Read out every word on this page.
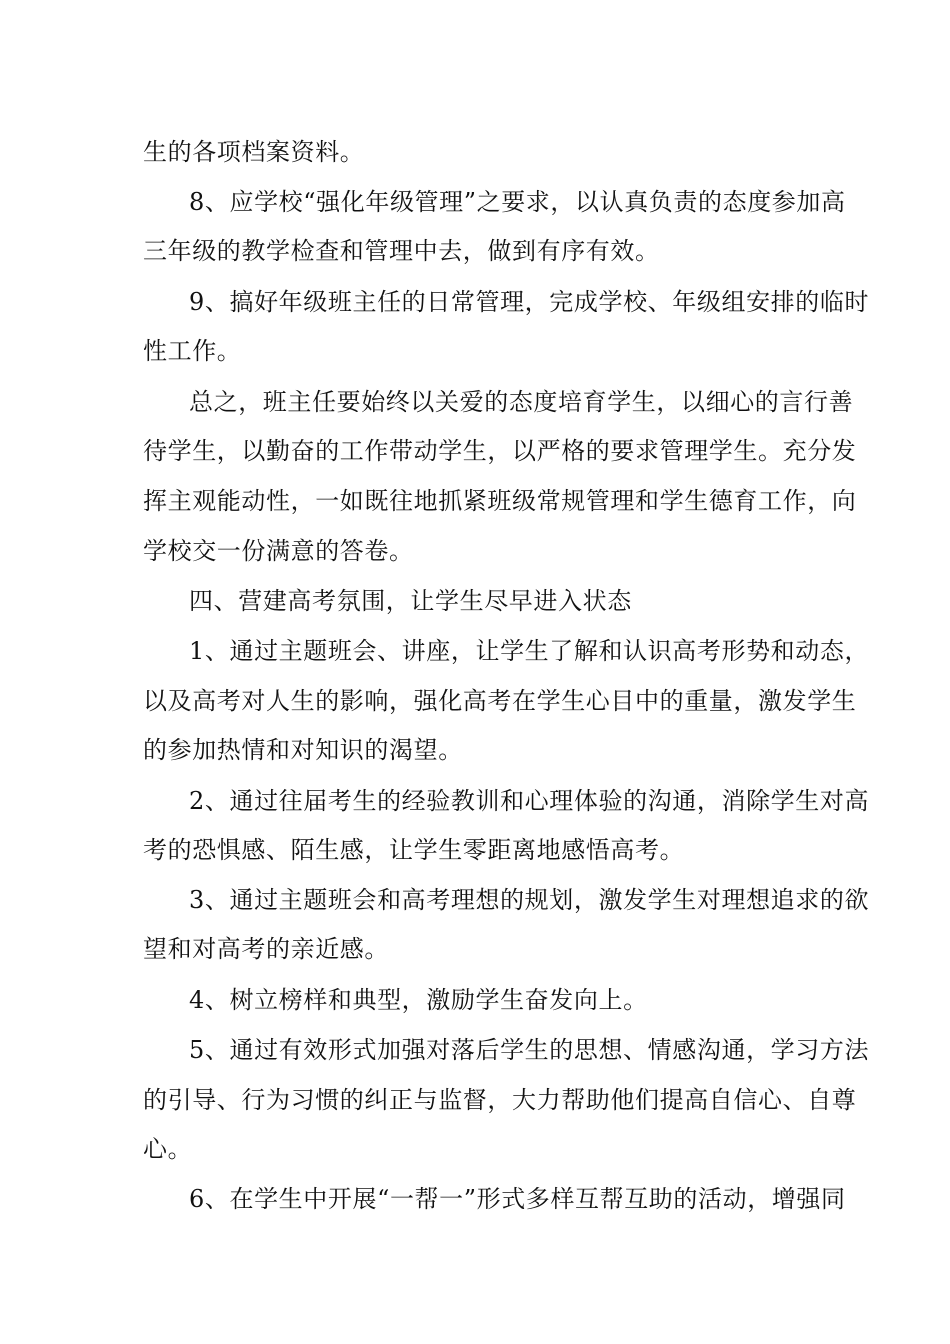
生的各项档案资料。
8、应学校“强化年级管理”之要求，以认真负责的态度参加高
三年级的教学检查和管理中去，做到有序有效。
9、搞好年级班主任的日常管理，完成学校、年级组安排的临时
性工作。
总之，班主任要始终以关爱的态度培育学生，以细心的言行善
待学生，以勤奋的工作带动学生，以严格的要求管理学生。充分发
挥主观能动性，一如既往地抓紧班级常规管理和学生德育工作，向
学校交一份满意的答卷。
四、营建高考氛围，让学生尽早进入状态
1、通过主题班会、讲座，让学生了解和认识高考形势和动态，
以及高考对人生的影响，强化高考在学生心目中的重量，激发学生
的参加热情和对知识的渴望。
2、通过往届考生的经验教训和心理体验的沟通，消除学生对高
考的恐惧感、陌生感，让学生零距离地感悟高考。
3、通过主题班会和高考理想的规划，激发学生对理想追求的欲
望和对高考的亲近感。
4、树立榜样和典型，激励学生奋发向上。
5、通过有效形式加强对落后学生的思想、情感沟通，学习方法
的引导、行为习惯的纠正与监督，大力帮助他们提高自信心、自尊
心。
6、在学生中开展“一帮一”形式多样互帮互助的活动，增强同
